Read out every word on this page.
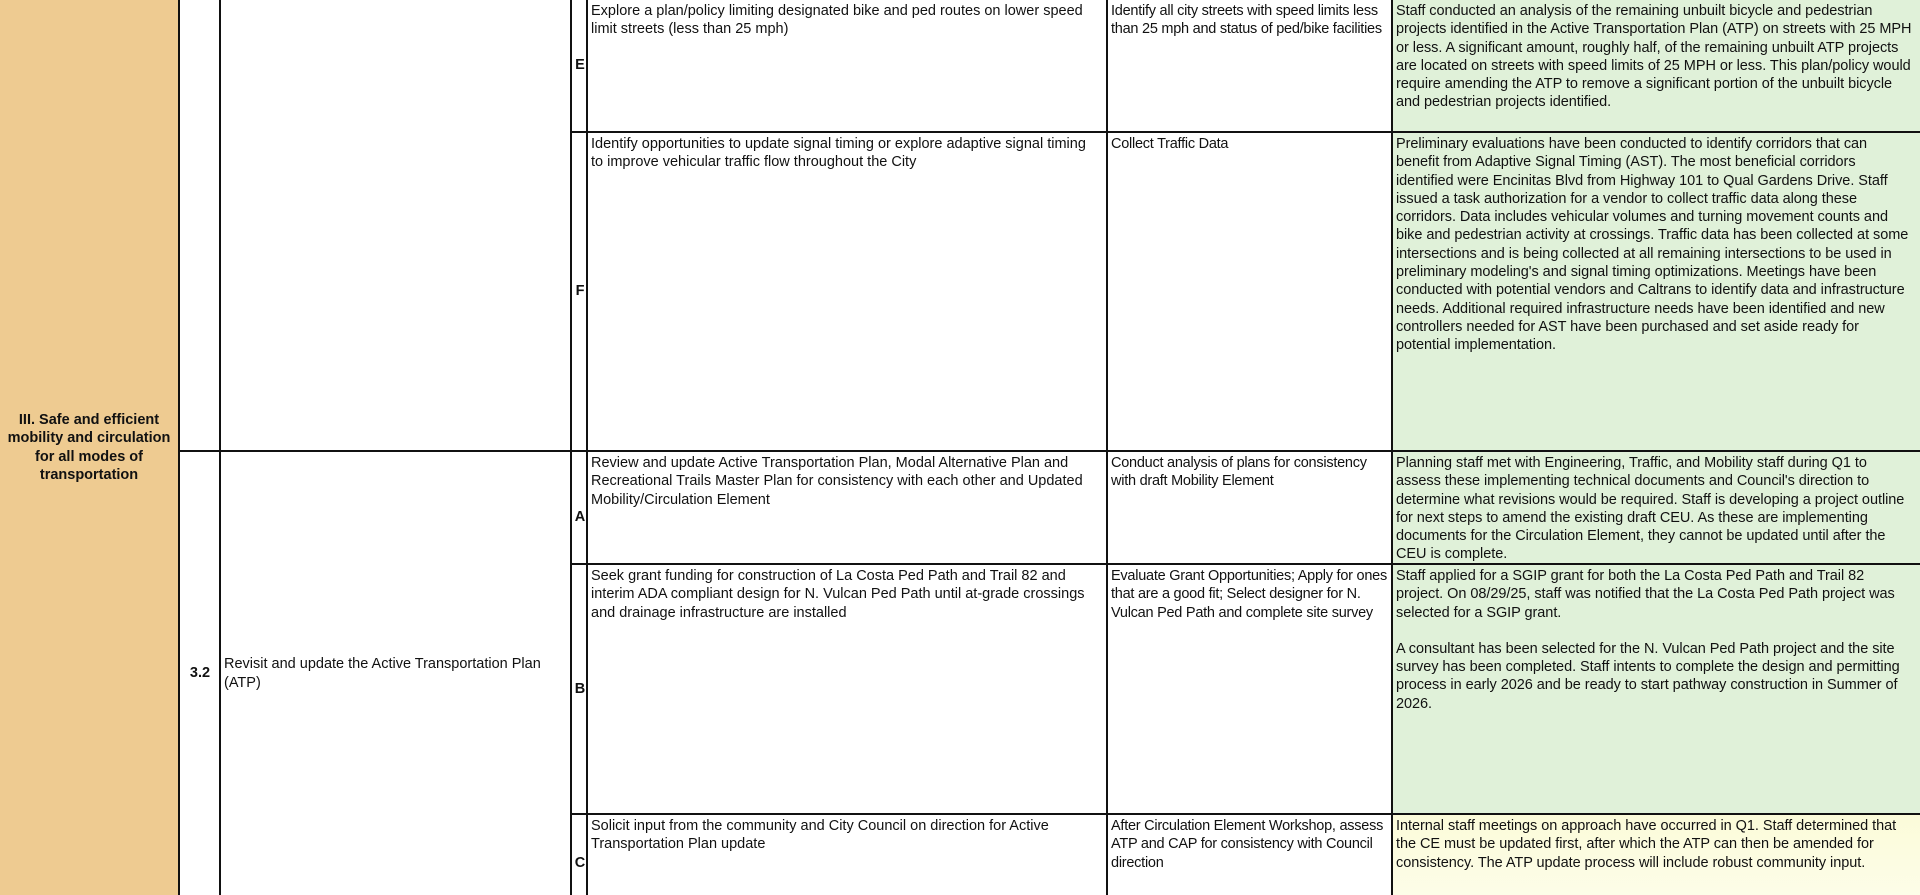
III. Safe and efficient mobility and circulation for all modes of transportation
3.2
Revisit and update the Active Transportation Plan (ATP)
E
Explore a plan/policy limiting designated bike and ped routes on lower speed limit streets (less than 25 mph)
Identify all city streets with speed limits less than 25 mph and status of ped/bike facilities
Staff conducted an analysis of the remaining unbuilt bicycle and pedestrian projects identified in the Active Transportation Plan (ATP) on streets with 25 MPH or less. A significant amount, roughly half, of the remaining unbuilt ATP projects are located on streets with speed limits of 25 MPH or less. This plan/policy would require amending the ATP to remove a significant portion of the unbuilt bicycle and pedestrian projects identified.
F
Identify opportunities to update signal timing or explore adaptive signal timing to improve vehicular traffic flow throughout the City
Collect Traffic Data	Preliminary evaluations have been conducted to identify corridors that can benefit from Adaptive Signal Timing (AST). The most beneficial corridors identified were Encinitas Blvd from Highway 101 to Qual Gardens Drive. Staff issued a task authorization for a vendor to collect traffic data along these corridors. Data includes vehicular volumes and turning movement counts and bike and pedestrian activity at crossings. Traffic data has been collected at some intersections and is being collected at all remaining intersections to be used in preliminary modeling's and signal timing optimizations. Meetings have been conducted with potential vendors and Caltrans to identify data and infrastructure needs. Additional required infrastructure needs have been identified and new controllers needed for AST have been purchased and set aside ready for potential implementation.
A
Review and update Active Transportation Plan, Modal Alternative Plan and Recreational Trails Master Plan for consistency with each other and Updated Mobility/Circulation Element
Conduct analysis of plans for consistency with draft Mobility Element
Planning staff met with Engineering, Traffic, and Mobility staff during Q1 to assess these implementing technical documents and Council's direction to determine what revisions would be required. Staff is developing a project outline for next steps to amend the existing draft CEU. As these are implementing documents for the Circulation Element, they cannot be updated until after the CEU is complete.
B
Seek grant funding for construction of La Costa Ped Path and Trail 82 and interim ADA compliant design for N. Vulcan Ped Path until at-grade crossings and drainage infrastructure are installed
Evaluate Grant Opportunities; Apply for ones that are a good fit; Select designer for N. Vulcan Ped Path and complete site survey
Staff applied for a SGIP grant for both the La Costa Ped Path and Trail 82 project. On 08/29/25, staff was notified that the La Costa Ped Path project was selected for a SGIP grant.
A consultant has been selected for the N. Vulcan Ped Path project and the site survey has been completed. Staff intents to complete the design and permitting process in early 2026 and be ready to start pathway construction in Summer of 2026.
C
Solicit input from the community and City Council on direction for Active Transportation Plan update
After Circulation Element Workshop, assess ATP and CAP for consistency with Council direction
Internal staff meetings on approach have occurred in Q1. Staff determined that the CE must be updated first, after which the ATP can then be amended for consistency. The ATP update process will include robust community input.
